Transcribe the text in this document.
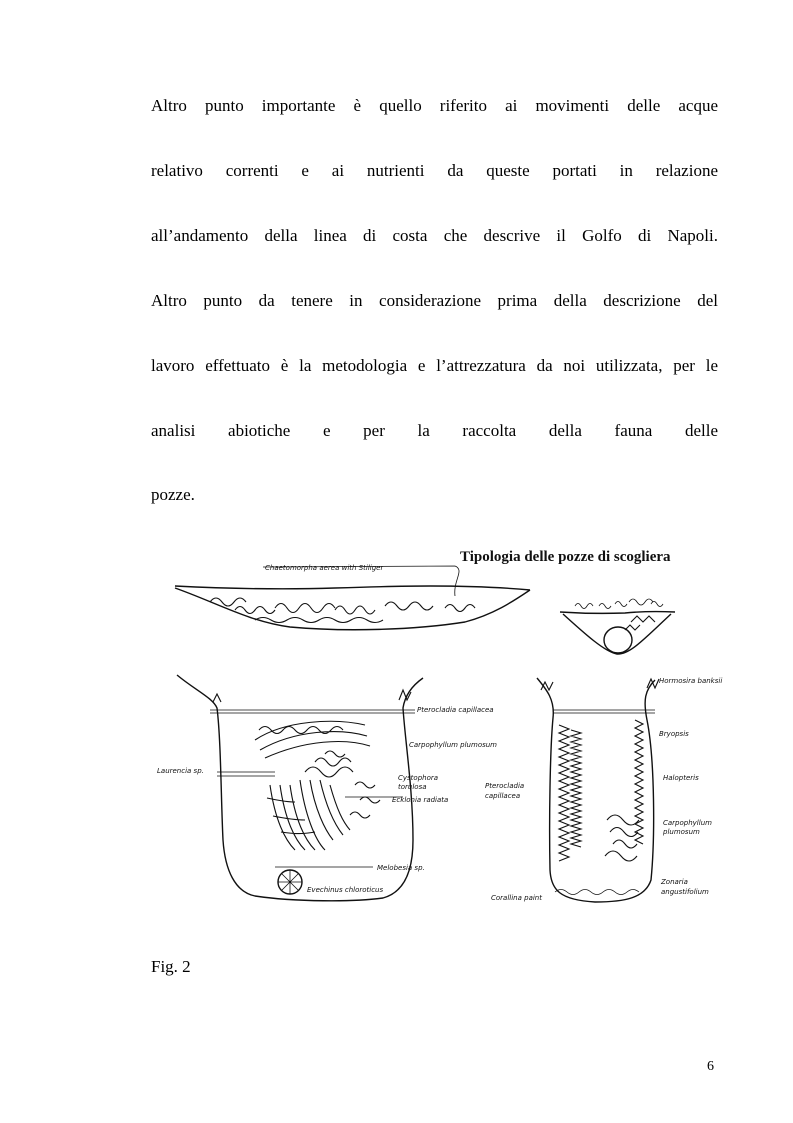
Altro punto importante è quello riferito ai movimenti delle acque
relativo correnti e ai nutrienti da queste portati in relazione
all’andamento della linea di costa che descrive il Golfo di Napoli.
Altro punto da tenere in considerazione prima della descrizione del
lavoro effettuato è la metodologia e l’attrezzatura da noi utilizzata, per le
analisi abiotiche e per la raccolta della fauna delle
pozze.
Tipologia delle pozze di scogliera
Chaetomorpha aerea with Stiliger
Pterocladia capillacea
Carpophyllum plumosum
Laurencia sp.
Cystophora
torulosa
Ecklonia radiata
Melobesia sp.
Evechinus chloroticus
Hormosira banksii
Bryopsis
Pterocladia
capillacea
Halopteris
Carpophyllum
plumosum
Corallina paint
Zonaria
angustifolium
Fig. 2
6
